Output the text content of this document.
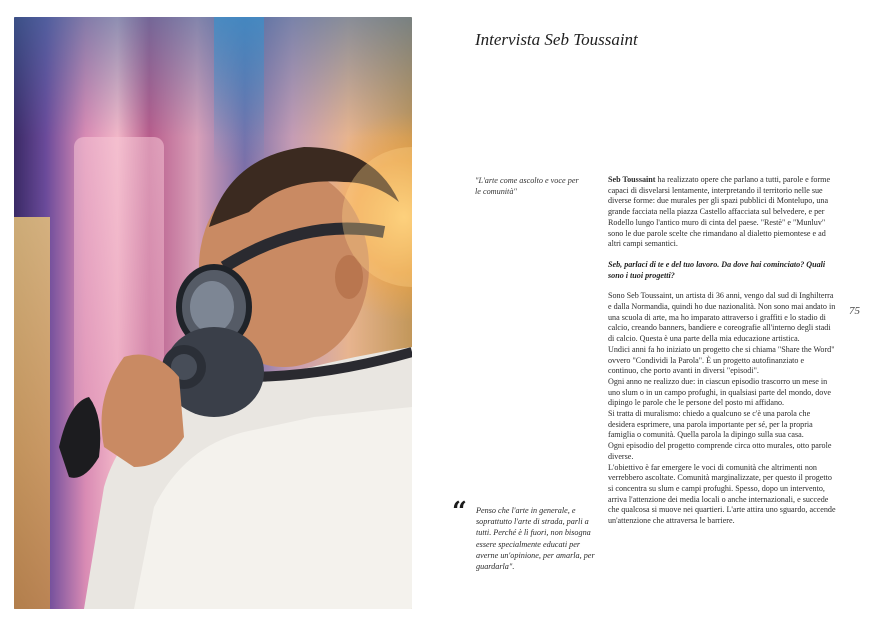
Intervista Seb Toussaint
"L'arte come ascolto e voce per le comunità"
“ Penso che l'arte in generale, e soprattutto l'arte di strada, parli a tutti. Perché è lì fuori, non bisogna essere specialmente educati per averne un'opinione, per amarla, per guardarla".

Seb Toussaint ha realizzato opere che parlano a tutti, parole e forme capaci di disvelarsi lentamente, interpretando il territorio nelle sue diverse forme: due murales per gli spazi pubblici di Montelupo, una grande facciata nella piazza Castello affacciata sul belvedere, e per Rodello lungo l'antico muro di cinta del paese. "Restè" e "Munluv" sono le due parole scelte che rimandano al dialetto piemontese e ad altri campi semantici.

Seb, parlaci di te e del tuo lavoro. Da dove hai cominciato? Quali sono i tuoi progetti?

Sono Seb Toussaint, un artista di 36 anni, vengo dal sud di Inghilterra e dalla Normandia, quindi ho due nazionalità. Non sono mai andato in una scuola di arte, ma ho imparato attraverso i graffiti e lo stadio di calcio, creando banners, bandiere e coreografie all'interno degli stadi di calcio. Questa è una parte della mia educazione artistica.

Undici anni fa ho iniziato un progetto che si chiama "Share the Word" ovvero "Condividi la Parola". È un progetto autofinanziato e continuo, che porto avanti in diversi "episodi".

Ogni anno ne realizzo due: in ciascun episodio trascorro un mese in uno slum o in un campo profughi, in qualsiasi parte del mondo, dove dipingo le parole che le persone del posto mi affidano.

Si tratta di muralismo: chiedo a qualcuno se c'è una parola che desidera esprimere, una parola importante per sé, per la propria famiglia o comunità. Quella parola la dipingo sulla sua casa.

Ogni episodio del progetto comprende circa otto murales, otto parole diverse.

L'obiettivo è far emergere le voci di comunità che altrimenti non verrebbero ascoltate. Comunità marginalizzate, per questo il progetto si concentra su slum e campi profughi. Spesso, dopo un intervento, arriva l'attenzione dei media locali o anche internazionali, e succede che qualcosa si muove nei quartieri. L'arte attira uno sguardo, accende un'attenzione che attraversa le barriere.

75
